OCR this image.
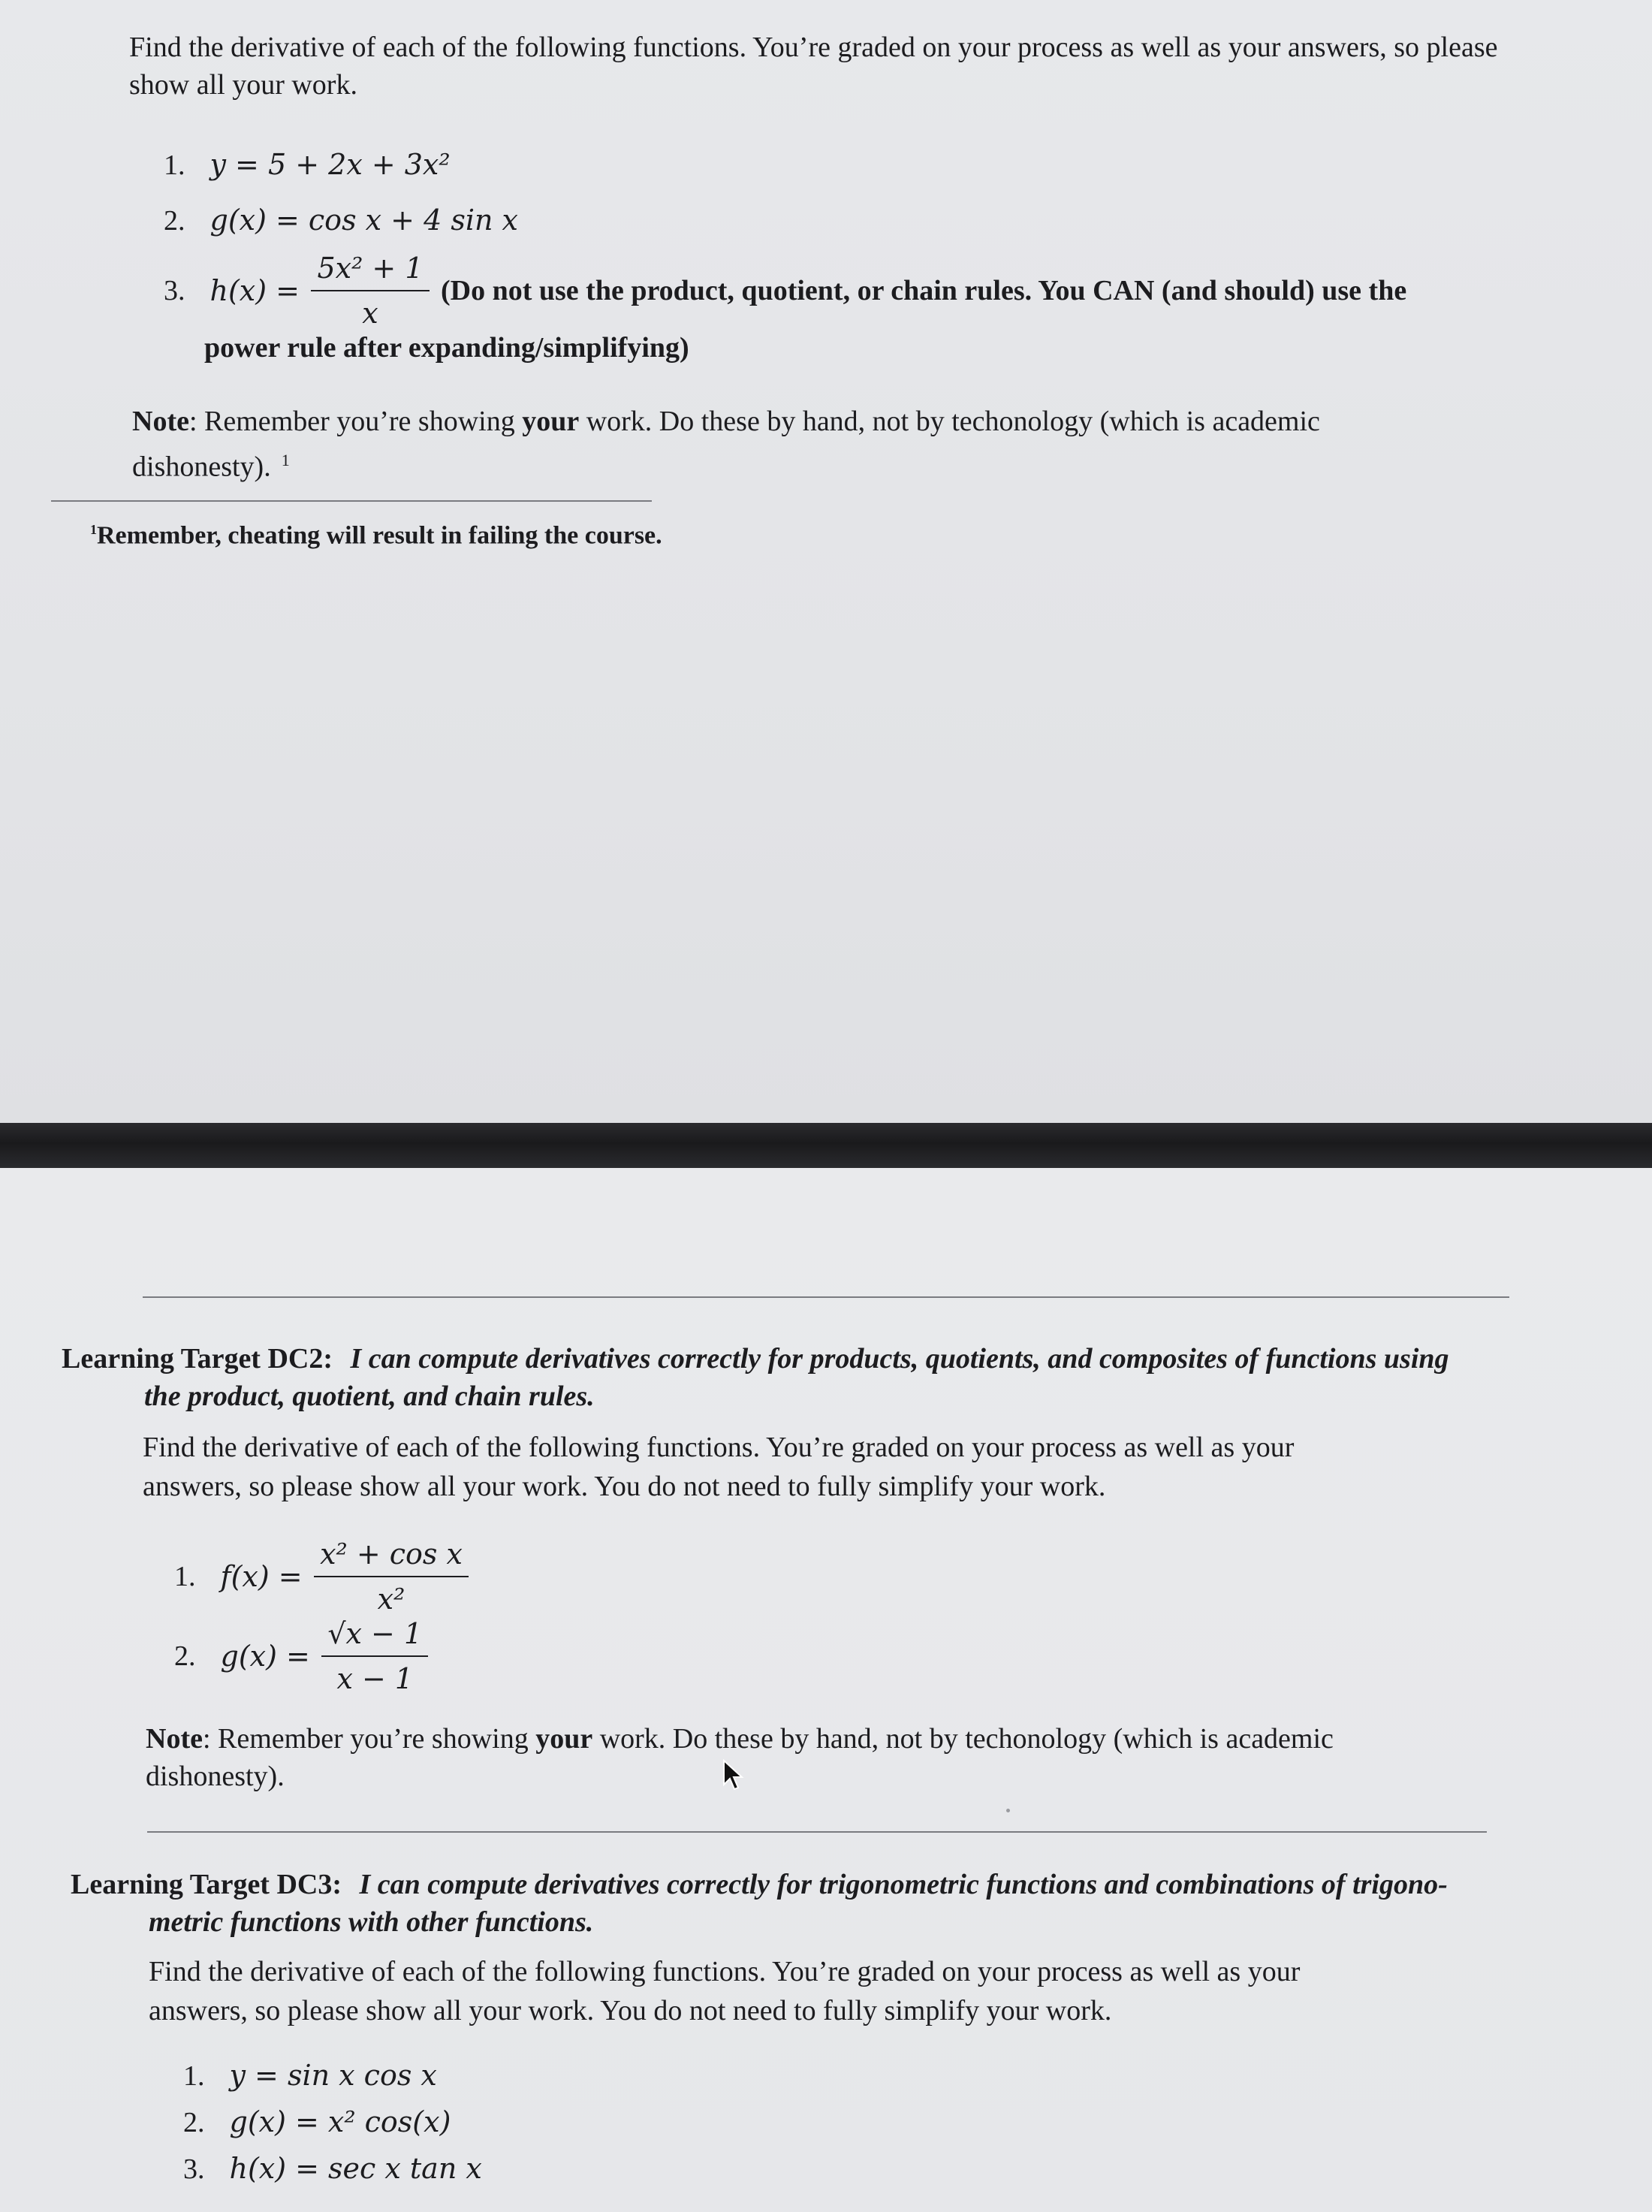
Find the derivative of each of the following functions. You’re graded on your process as well as your answers, so please show all your work.
1. y = 5 + 2x + 3x²
2. g(x) = cos x + 4 sin x
3. $h(x) = \frac{\text{5x² + 1}}{x} (Do$ not use the product, quotient, or chain rules. You CAN (and should) use the
power rule after expanding/simplifying)
Note: Remember you’re showing your work. Do these by hand, not by techonology (which is academic
dishonesty). $^1$
$^1$Remember, cheating will result in failing the course.
Learning Target DC2: I can compute derivatives correctly for products, quotients, and composites of functions using
the product, quotient, and chain rules.
Find the derivative of each of the following functions. You’re graded on your process as well as your
answers, so please show all your work. You do not need to fully simplify your work.
1. $f(x) = \frac{\text{x² + cos x}}{\text{x²}}$
2. $g(x) = \frac{√x - 1}{x - 1}$
Note: Remember you’re showing your work. Do these by hand, not by techonology (which is academic
dishonesty).
Learning Target DC3: I can compute derivatives correctly for trigonometric functions and combinations of trigono-
metric functions with other functions.
Find the derivative of each of the following functions. You’re graded on your process as well as your
answers, so please show all your work. You do not need to fully simplify your work.
1. y = sin x cos x
2. g(x) = x² cos(x)
3. h(x) = sec x tan x
